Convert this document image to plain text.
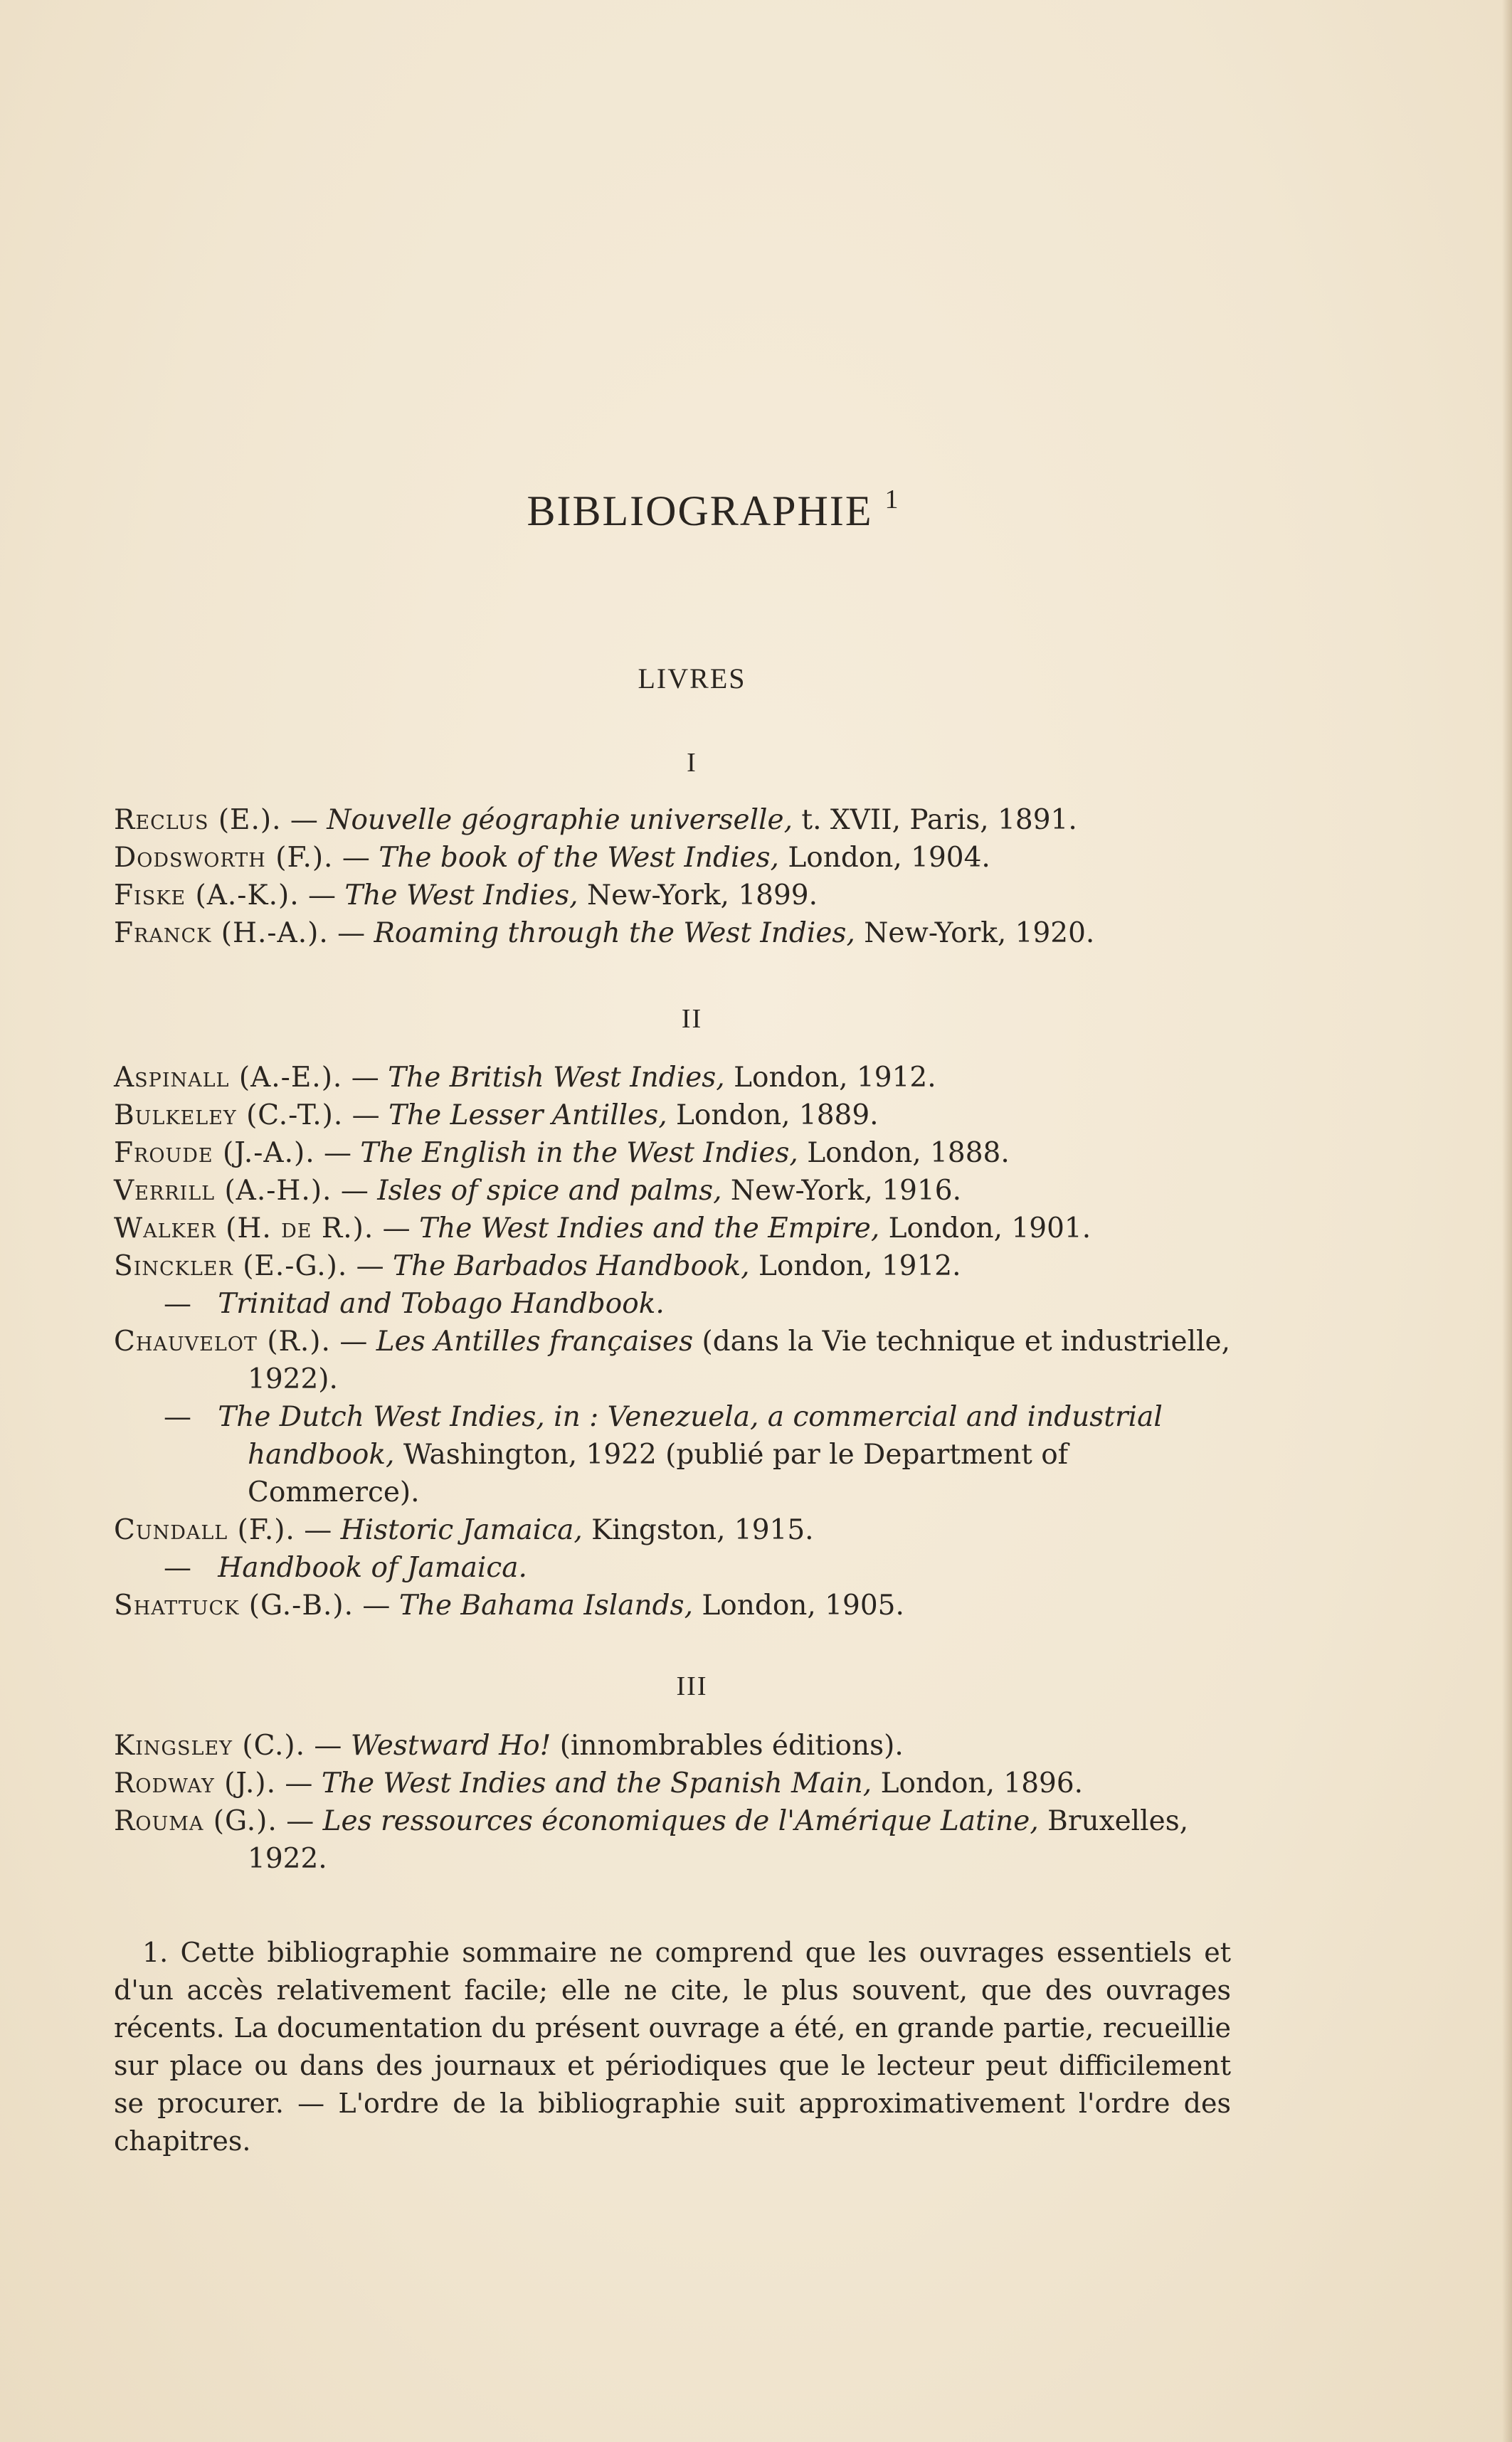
BIBLIOGRAPHIE $^1$
LIVRES
I
Reclus (E.). — Nouvelle géographie universelle, t. XVII, Paris, 1891.
Dodsworth (F.). — The book of the West Indies, London, 1904.
Fiske (A.-K.). — The West Indies, New-York, 1899.
Franck (H.-A.). — Roaming through the West Indies, New-York, 1920.
II
Aspinall (A.-E.). — The British West Indies, London, 1912.
Bulkeley (C.-T.). — The Lesser Antilles, London, 1889.
Froude (J.-A.). — The English in the West Indies, London, 1888.
Verrill (A.-H.). — Isles of spice and palms, New-York, 1916.
Walker (H. de R.). — The West Indies and the Empire, London, 1901.
Sinckler (E.-G.). — The Barbados Handbook, London, 1912.
— Trinitad and Tobago Handbook.
Chauvelot (R.). — Les Antilles françaises (dans la Vie technique et industrielle, 1922).
— The Dutch West Indies, in : Venezuela, a commercial and industrial handbook, Washington, 1922 (publié par le Department of Commerce).
Cundall (F.). — Historic Jamaica, Kingston, 1915.
— Handbook of Jamaica.
Shattuck (G.-B.). — The Bahama Islands, London, 1905.
III
Kingsley (C.). — Westward Ho! (innombrables éditions).
Rodway (J.). — The West Indies and the Spanish Main, London, 1896.
Rouma (G.). — Les ressources économiques de l'Amérique Latine, Bruxelles, 1922.
1. Cette bibliographie sommaire ne comprend que les ouvrages essentiels et d'un accès relativement facile; elle ne cite, le plus souvent, que des ouvrages récents. La documentation du présent ouvrage a été, en grande partie, recueillie sur place ou dans des journaux et périodiques que le lecteur peut difficilement se procurer. — L'ordre de la bibliographie suit approximativement l'ordre des chapitres.
